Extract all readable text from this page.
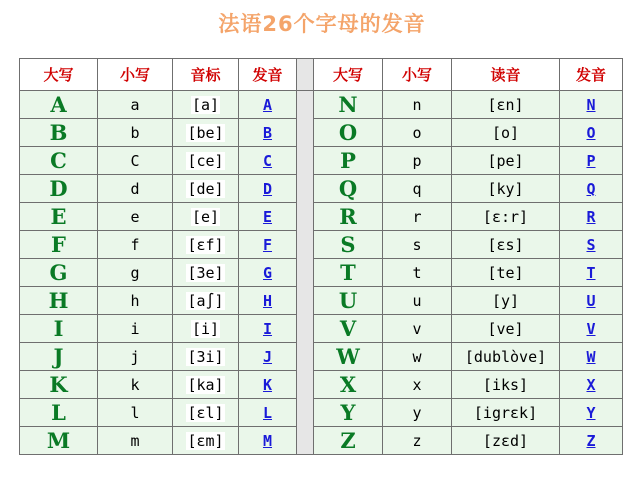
法语26个字母的发音
大写	小写	音标	发音		大写	小写	读音	发音
A	a	[a]	A		N	n	[ɛn]	N
B	b	[be]	B		O	o	[o]	O
C	C	[ce]	C		P	p	[pe]	P
D	d	[de]	D		Q	q	[ky]	Q
E	e	[e]	E		R	r	[ɛ:r]	R
F	f	[ɛf]	F		S	s	[ɛs]	S
G	g	[3e]	G		T	t	[te]	T
H	h	[a∫]	H		U	u	[y]	U
I	i	[i]	I		V	v	[ve]	V
J	j	[3i]	J		W	w	[dublὸve]	W
K	k	[ka]	K		X	x	[iks]	X
L	l	[ɛl]	L		Y	y	[igrɛk]	Y
M	m	[ɛm]	M		Z	z	[zɛd]	Z
